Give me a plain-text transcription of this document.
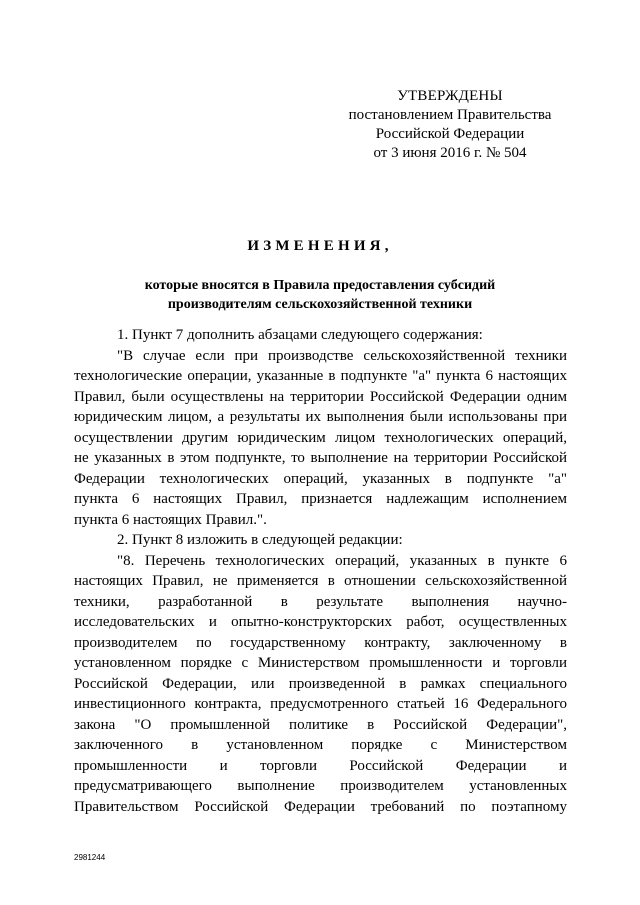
УТВЕРЖДЕНЫ
постановлением Правительства
Российской Федерации
от 3 июня 2016 г. № 504
ИЗМЕНЕНИЯ,
которые вносятся в Правила предоставления субсидий
производителям сельскохозяйственной техники
1. Пункт 7 дополнить абзацами следующего содержания:
"В случае если при производстве сельскохозяйственной техники
технологические операции, указанные в подпункте "а" пункта 6 настоящих
Правил, были осуществлены на территории Российской Федерации одним
юридическим лицом, а результаты их выполнения были использованы при
осуществлении другим юридическим лицом технологических операций,
не указанных в этом подпункте, то выполнение на территории Российской
Федерации технологических операций, указанных в подпункте "а"
пункта 6 настоящих Правил, признается надлежащим исполнением
пункта 6 настоящих Правил.".
2. Пункт 8 изложить в следующей редакции:
"8. Перечень технологических операций, указанных в пункте 6
настоящих Правил, не применяется в отношении сельскохозяйственной
техники, разработанной в результате выполнения научно-
исследовательских и опытно-конструкторских работ, осуществленных
производителем по государственному контракту, заключенному в
установленном порядке с Министерством промышленности и торговли
Российской Федерации, или произведенной в рамках специального
инвестиционного контракта, предусмотренного статьей 16 Федерального
закона "О промышленной политике в Российской Федерации",
заключенного в установленном порядке с Министерством
промышленности и торговли Российской Федерации и
предусматривающего выполнение производителем установленных
Правительством Российской Федерации требований по поэтапному
2981244
